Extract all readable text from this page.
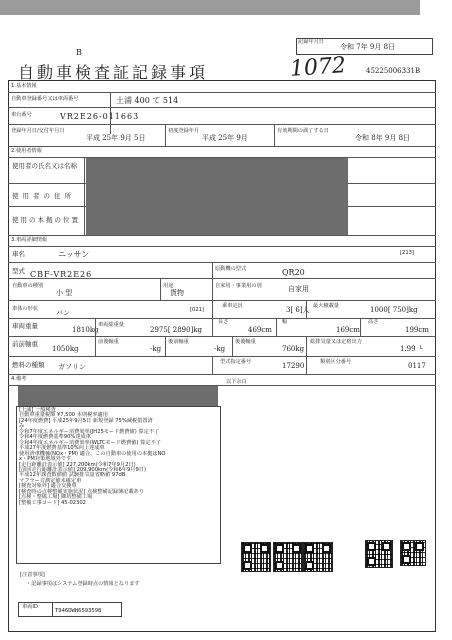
B
自動車検査証記録事項	1072
記録年月日
令和 7年 9月 8日
45225006331B
1.基本情報
自動車登録番号又は車両番号	土浦 400 て 514
車台番号	VR2E26-011663
登録年月日/交付年月日
平成 25年 9月 5日
初度登録年月
平成 25年 9月
有効期間の満了する日
令和 8年 9月 8日
2.使用者情報
使用者の氏名又は名称
使用者の住所
使用の本拠の位置
3.車両詳細情報
車名	ニッサン	[213]
型式 CBF-VR2E26
原動機の型式	QR20
自動車の種別
小 型
用途
貨物
自家用・事業用の別	自家用
車体の形状	バン	[021]
乗車定員	3[ 6]人 最大積載量	1000[ 750]kg
車両重量	1810kg
車両総重量
2975[ 2890]kg
長さ
469cm
幅
169cm
高さ
199cm
前前軸重
1050kg
前後軸重
-kg
後前軸重
-kg
後後軸重
760kg
総排気量又は定格出力
1.99 L
燃料の種類 ガソリン
型式指定番号	17290	類別区分番号	0117
4.備考	以下余白
[土浦] 一般検査
自動車重量税額 ¥7,500 本則税率適用
[24年度燃費] 平成25年9月5日 新規登録 75%減税措置済
み
令和7年度エネルギー消費効率(JH25モード燃費値) 算定不了
令和4年度燃費基準90%達成車
令和4年度エネルギー消費効率(WLTCモード燃費値) 算定不了
平成27年度燃費基準10%向上達成車
使用済車機械(NOx・PM) 適合、この自動車の使用の本拠はNO
x・PM対策地域外です。
[走行距離計表示値] 227,200km(令和7年9月2日)
[前回走行距離計表示値] 209,900km(令和6年9月9日)
平成12年課査数値値 試験排気量省略値 97dB
マフラー音測定値未確定車
[検査対象外] 適合交換車
[検査時の点検整備実施状況] 点検整備記録簿記載あり
[点検・整備工場] 御坊整備工場
[整備工事コード] 45-02302
[注意事項]
・記録事項はシステム登録時点の情報となります
車両ID
T946DWH6593598
